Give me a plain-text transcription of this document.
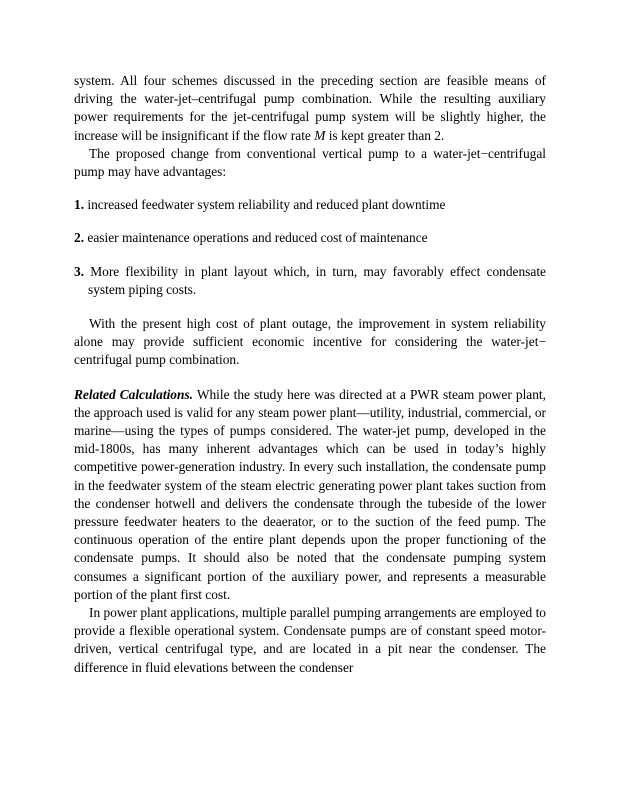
system. All four schemes discussed in the preceding section are feasible means of driving the water-jet–centrifugal pump combination. While the resulting auxiliary power requirements for the jet-centrifugal pump system will be slightly higher, the increase will be insignificant if the flow rate M is kept greater than 2.

The proposed change from conventional vertical pump to a water-jet−centrifugal pump may have advantages:

1. increased feedwater system reliability and reduced plant downtime
2. easier maintenance operations and reduced cost of maintenance
3. More flexibility in plant layout which, in turn, may favorably effect condensate system piping costs.

With the present high cost of plant outage, the improvement in system reliability alone may provide sufficient economic incentive for considering the water-jet− centrifugal pump combination.

Related Calculations. While the study here was directed at a PWR steam power plant, the approach used is valid for any steam power plant—utility, industrial, commercial, or marine—using the types of pumps considered. The water-jet pump, developed in the mid-1800s, has many inherent advantages which can be used in today’s highly competitive power-generation industry. In every such installation, the condensate pump in the feedwater system of the steam electric generating power plant takes suction from the condenser hotwell and delivers the condensate through the tubeside of the lower pressure feedwater heaters to the deaerator, or to the suction of the feed pump. The continuous operation of the entire plant depends upon the proper functioning of the condensate pumps. It should also be noted that the condensate pumping system consumes a significant portion of the auxiliary power, and represents a measurable portion of the plant first cost.

In power plant applications, multiple parallel pumping arrangements are employed to provide a flexible operational system. Condensate pumps are of constant speed motor-driven, vertical centrifugal type, and are located in a pit near the condenser. The difference in fluid elevations between the condenser
